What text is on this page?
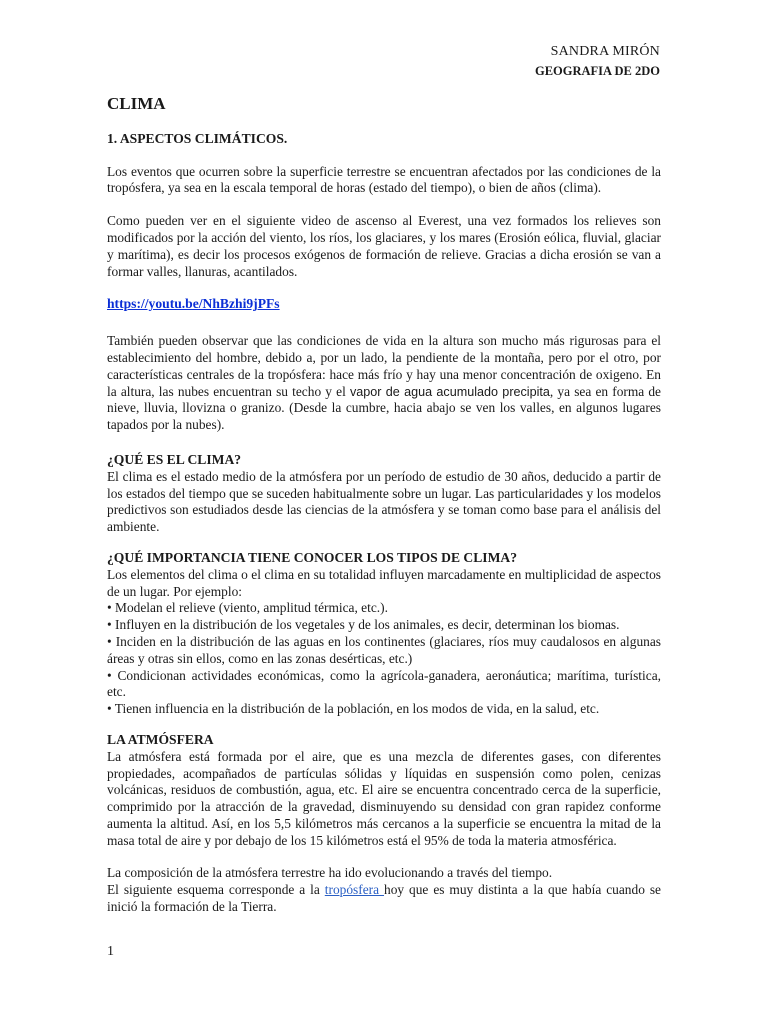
SANDRA MIRÓN
GEOGRAFIA DE 2DO
CLIMA
1. ASPECTOS CLIMÁTICOS.

Los eventos que ocurren sobre la superficie terrestre se encuentran afectados por las condiciones de la tropósfera, ya sea en la escala temporal de horas (estado del tiempo), o bien de años (clima).

Como pueden ver en el siguiente video de ascenso al Everest, una vez formados los relieves son modificados por la acción del viento, los ríos, los glaciares, y los mares (Erosión eólica, fluvial, glaciar y marítima), es decir los procesos exógenos de formación de relieve. Gracias a dicha erosión se van a formar valles, llanuras, acantilados.

https://youtu.be/NhBzhi9jPFs

También pueden observar que las condiciones de vida en la altura son mucho más rigurosas para el establecimiento del hombre, debido a, por un lado, la pendiente de la montaña, pero por el otro, por características centrales de la tropósfera: hace más frío y hay una menor concentración de oxigeno. En la altura, las nubes encuentran su techo y el vapor de agua acumulado precipita, ya sea en forma de nieve, lluvia, llovizna o granizo. (Desde la cumbre, hacia abajo se ven los valles, en algunos lugares tapados por la nubes).

¿QUÉ ES EL CLIMA?

El clima es el estado medio de la atmósfera por un período de estudio de 30 años, deducido a partir de los estados del tiempo que se suceden habitualmente sobre un lugar. Las particularidades y los modelos predictivos son estudiados desde las ciencias de la atmósfera y se toman como base para el análisis del ambiente.

¿QUÉ IMPORTANCIA TIENE CONOCER LOS TIPOS DE CLIMA?

Los elementos del clima o el clima en su totalidad influyen marcadamente en multiplicidad de aspectos de un lugar. Por ejemplo:

• Modelan el relieve (viento, amplitud térmica, etc.).
• Influyen en la distribución de los vegetales y de los animales, es decir, determinan los biomas.
• Inciden en la distribución de las aguas en los continentes (glaciares, ríos muy caudalosos en algunas áreas y otras sin ellos, como en las zonas desérticas, etc.)
• Condicionan actividades económicas, como la agrícola-ganadera, aeronáutica; marítima, turística, etc.
• Tienen influencia en la distribución de la población, en los modos de vida, en la salud, etc.
LA ATMÓSFERA

La atmósfera está formada por el aire, que es una mezcla de diferentes gases, con diferentes propiedades, acompañados de partículas sólidas y líquidas en suspensión como polen, cenizas volcánicas, residuos de combustión, agua, etc. El aire se encuentra concentrado cerca de la superficie, comprimido por la atracción de la gravedad, disminuyendo su densidad con gran rapidez conforme aumenta la altitud. Así, en los 5,5 kilómetros más cercanos a la superficie se encuentra la mitad de la masa total de aire y por debajo de los 15 kilómetros está el 95% de toda la materia atmosférica.

La composición de la atmósfera terrestre ha ido evolucionando a través del tiempo.

El siguiente esquema corresponde a la tropósfera hoy que es muy distinta a la que había cuando se inició la formación de la Tierra.

1
